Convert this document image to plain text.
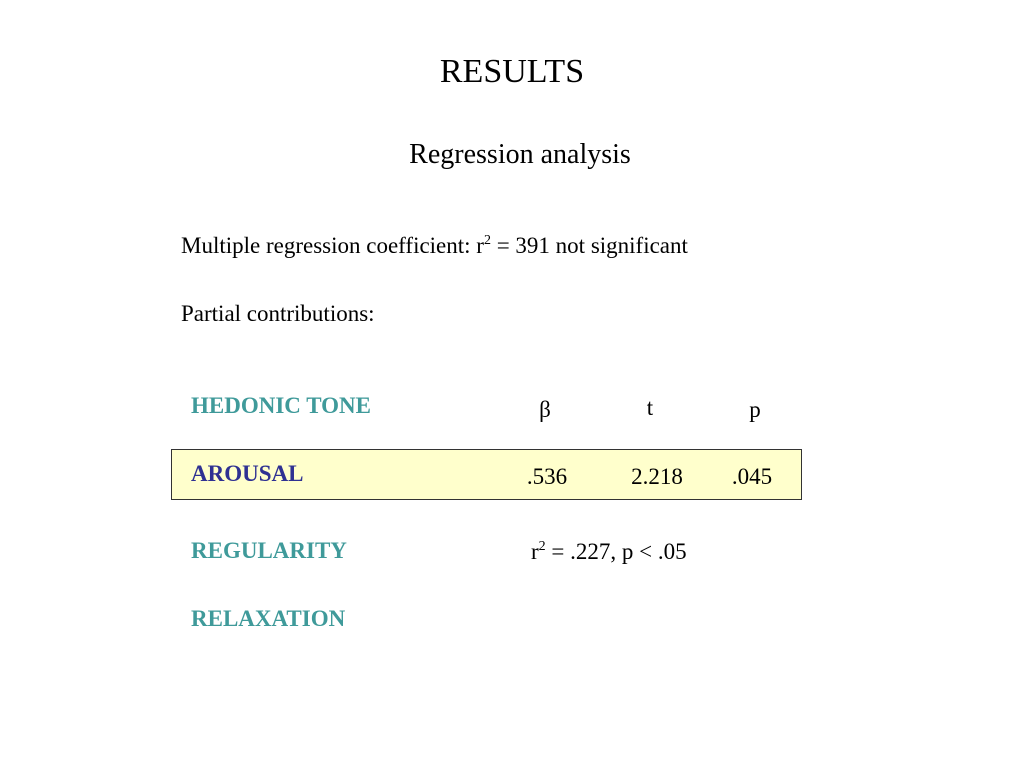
RESULTS
Regression analysis
Multiple regression coefficient: $r^2 = 391$ not significant
Partial contributions:
HEDONIC TONE	β	t	p
AROUSAL	.536	2.218	.045
REGULARITY	$r^2 = .227$, p < .05
RELAXATION
